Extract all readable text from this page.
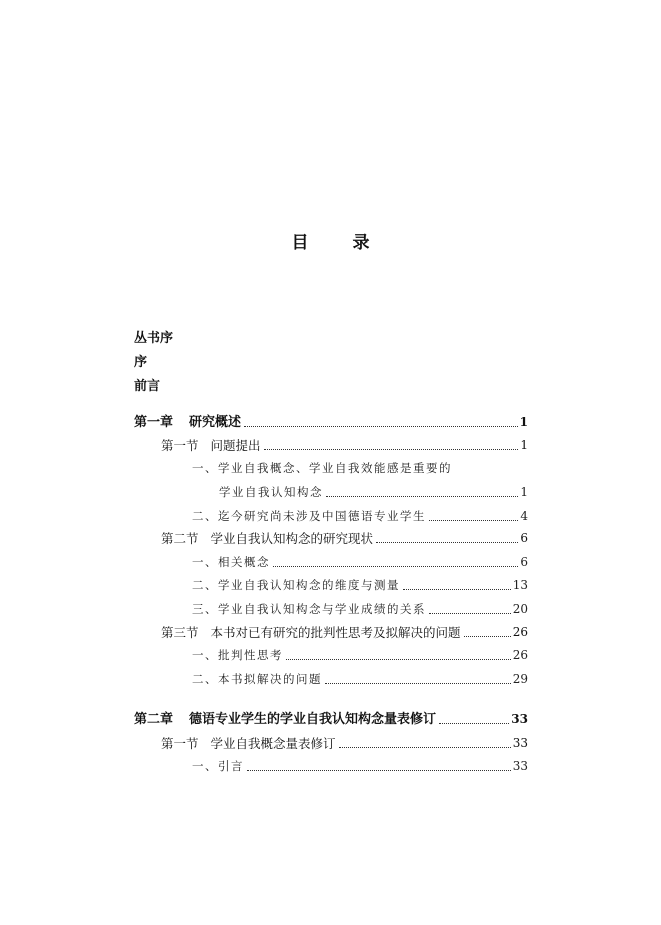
目	录
丛书序
序
前言
第一章	研究概述	1
第一节 问题提出	1
一、 学业自我概念、学业自我效能感是重要的
学业自我认知构念	1
二、 迄今研究尚未涉及中国德语专业学生	4
第二节 学业自我认知构念的研究现状	6
一、 相关概念	6
二、 学业自我认知构念的维度与测量	13
三、 学业自我认知构念与学业成绩的关系	20
第三节 本书对已有研究的批判性思考及拟解决的问题	26
一、 批判性思考	26
二、 本书拟解决的问题	29
第二章	德语专业学生的学业自我认知构念量表修订	33
第一节 学业自我概念量表修订	33
一、 引言	33
